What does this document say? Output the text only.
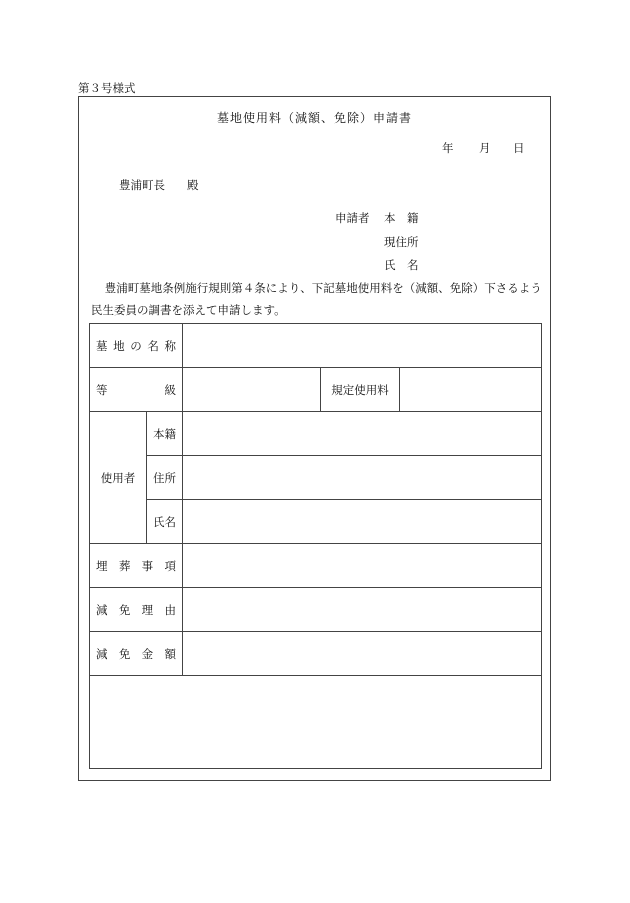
第３号様式
墓地使用料（減額、免除）申請書
年 月 日
豊浦町長 殿
申請者 本　籍
現住所
氏　名
豊浦町墓地条例施行規則第４条により、下記墓地使用料を（減額、免除）下さるよう民生委員の調書を添えて申請します。
墓地の名称				
等　級			規定使用料	
使用者	本籍			
	住所			
	氏名			
埋葬事項				
減免理由				
減免金額				
